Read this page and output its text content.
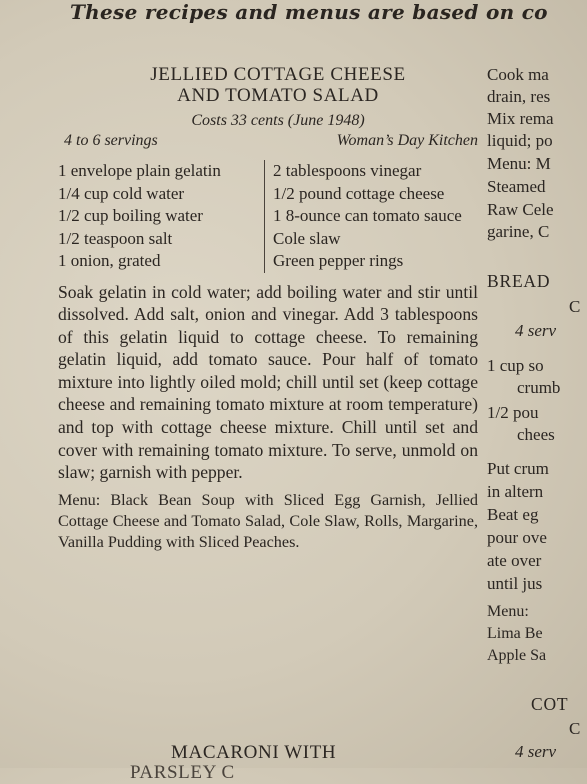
These recipes and menus are based on co
JELLIED COTTAGE CHEESE
AND TOMATO SALAD
Costs 33 cents (June 1948)
4 to 6 servings	Woman’s Day Kitchen
1 envelope plain gelatin
1/4 cup cold water
1/2 cup boiling water
1/2 teaspoon salt
1 onion, grated
2 tablespoons vinegar
1/2 pound cottage cheese
1 8-ounce can tomato sauce
Cole slaw
Green pepper rings
Soak gelatin in cold water; add boiling water and stir until dissolved. Add salt, onion and vinegar. Add 3 tablespoons of this gelatin liquid to cottage cheese. To remaining gelatin liquid, add tomato sauce. Pour half of tomato mixture into lightly oiled mold; chill until set (keep cottage cheese and remaining tomato mixture at room temperature) and top with cottage cheese mixture. Chill until set and cover with remaining tomato mixture. To serve, unmold on slaw; garnish with pepper.
Menu: Black Bean Soup with Sliced Egg Garnish, Jellied Cottage Cheese and Tomato Salad, Cole Slaw, Rolls, Margarine, Vanilla Pudding with Sliced Peaches.
MACARONI WITH
PARSLEY C
Cook ma
drain, res
Mix rema
liquid; po
Menu: M
Steamed
Raw Cele
garine, C
BREAD
C
4 serv
1 cup so
crumb
1/2 pou
chees
Put crum
in altern
Beat eg
pour ove
ate over
until jus
Menu:
Lima Be
Apple Sa
COT
C
4 serv
